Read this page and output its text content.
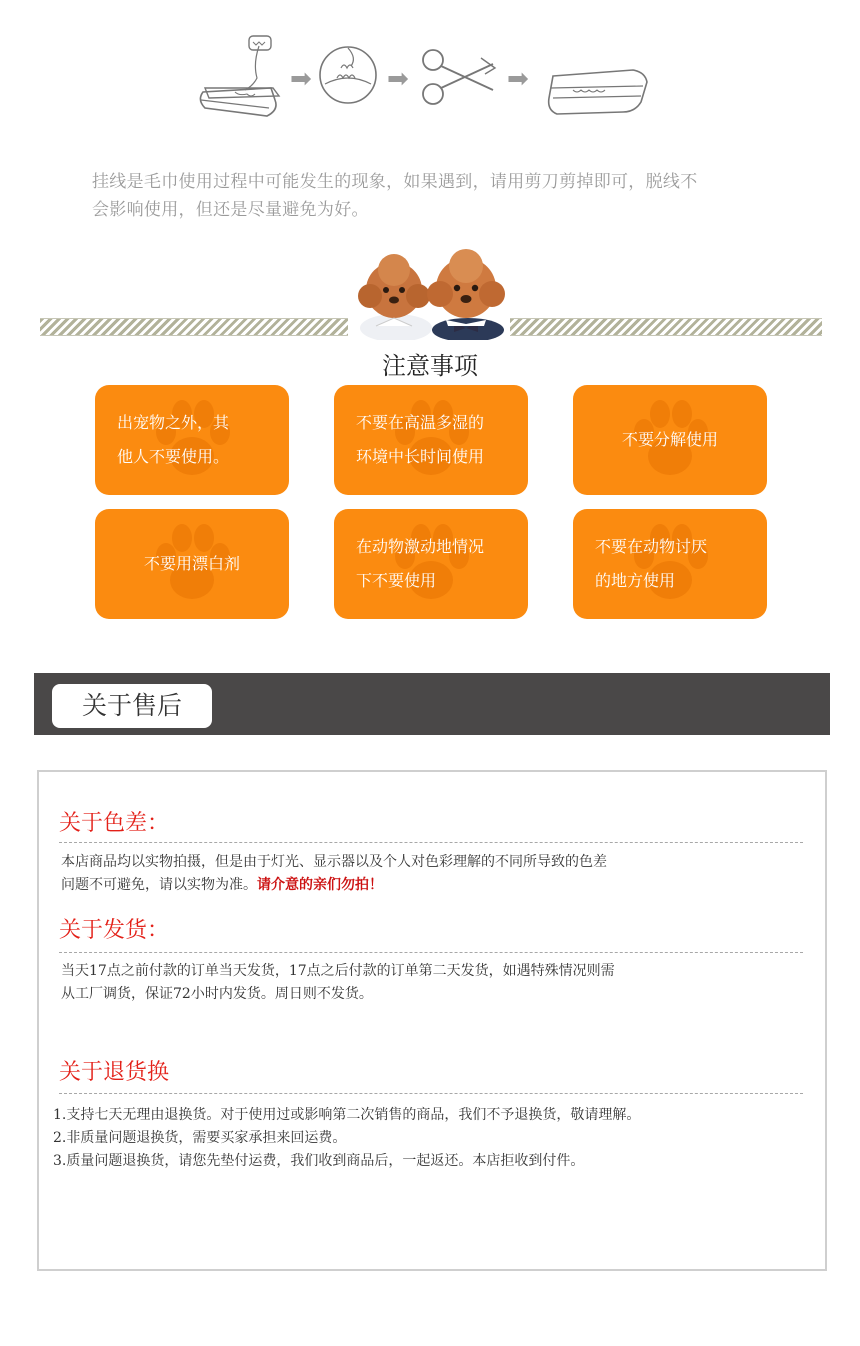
➡	➡	➡
挂线是毛巾使用过程中可能发生的现象，如果遇到，请用剪刀剪掉即可，脱线不
会影响使用，但还是尽量避免为好。
注意事项
出宠物之外，其
他人不要使用。
不要在高温多湿的
环境中长时间使用
不要分解使用
不要用漂白剂
在动物激动地情况
下不要使用
不要在动物讨厌
的地方使用
关于售后
关于色差：
本店商品均以实物拍摄，但是由于灯光、显示器以及个人对色彩理解的不同所导致的色差
问题不可避免，请以实物为准。请介意的亲们勿拍！
关于发货：
当天17点之前付款的订单当天发货，17点之后付款的订单第二天发货，如遇特殊情况则需
从工厂调货，保证72小时内发货。周日则不发货。
关于退货换
1.支持七天无理由退换货。对于使用过或影响第二次销售的商品，我们不予退换货，敬请理解。
2.非质量问题退换货，需要买家承担来回运费。
3.质量问题退换货，请您先垫付运费，我们收到商品后，一起返还。本店拒收到付件。
